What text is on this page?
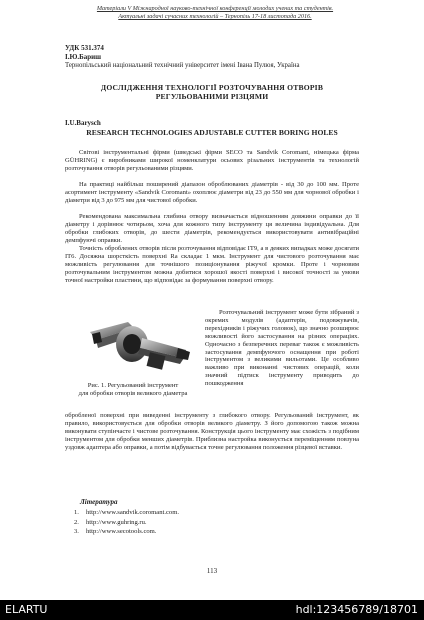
Матеріали V Міжнародної науково-технічної конференції молодих учених та студентів.
Актуальні задачі сучасних технологій – Тернопіль 17-18 листопада 2016.
УДК 531.374
І.Ю.Бариш
Тернопільський національний технічний університет імені Івана Пулюя, Україна
ДОСЛІДЖЕННЯ ТЕХНОЛОГІЇ РОЗТОЧУВАННЯ ОТВОРІВ
РЕГУЛЬОВАНИМИ РІЗЦЯМИ
I.U.Barysch
RESEARCH TECHNOLOGIES ADJUSTABLE CUTTER BORING HOLES

Світові інструментальні фірми (шведські фірми SECO та Sandvik Coromant, німецька фірма GÜHRING) є виробниками широкої номенклатури осьових різальних інструментів та технологій розточування отворів регульованими різцями.

На практиці найбільш поширений діапазон оброблюваних діаметрів - від 30 до 100 мм. Проте асортимент інструменту «Sandvik Coromant» охоплює діаметри від 23 до 550 мм для чорнової обробки і діаметри від 3 до 975 мм для чистової обробки.

Рекомендована максимальна глибина отвору визначається відношенням довжини оправки до її діаметру і дорівнює чотирьом, хоча для кожного типу інструменту ця величина індивідуальна. Для обробки глибоких отворів, до шести діаметрів, рекомендується використовувати антивібраційні демпфуючі оправки.

Точність оброблених отворів після розточування відповідає IT9, а в деяких випадках може досягати IT6. Досяжна шорсткість поверхні Ra складає 1 мкм. Інструмент для чистового розточування має можливість регулювання для точнішого позиціонування ріжучої кромки. Проте і чорновим розточувальним інструментом можна добитися хорошої якості поверхні і високої точності за умови точної настройки пластини, що відповідає за формування поверхні отвору.

Рис. 1. Регульований інструмент
для обробки отворів великого діаметра

Розточувальний інструмент може бути зібраний з окремих модулів (адаптерів, подовжувачів, перехідників і ріжучих головок), що значно розширює можливості його застосування на різних операціях. Одночасно з безперечних переваг також є можливість застосування демпфуючого оснащення при роботі інструментом з великими вильотами. Це особливо важливо при виконанні чистових операцій, коли значний підтиск інструменту приводить до пошкодження

обробленої поверхні при виведенні інструменту з глибокого отвору. Регульований інструмент, як правило, використовується для обробки отворів великого діаметру. З його допомогою також можна виконувати ступінчасте і чистове розточування. Конструкція цього інструменту має схожість з подібним інструментом для обробки менших діаметрів. Приблизна настройка виконується переміщенням повзуна уздовж адаптера або оправки, а потім відбувається точне регулювання положення різцевої вставки.

Література
1. http://www.sandvik.coromant.com.
2. http://www.guhring.ru.
3. http://www.secotools.com.
113
ELARTU	hdl:123456789/18701
